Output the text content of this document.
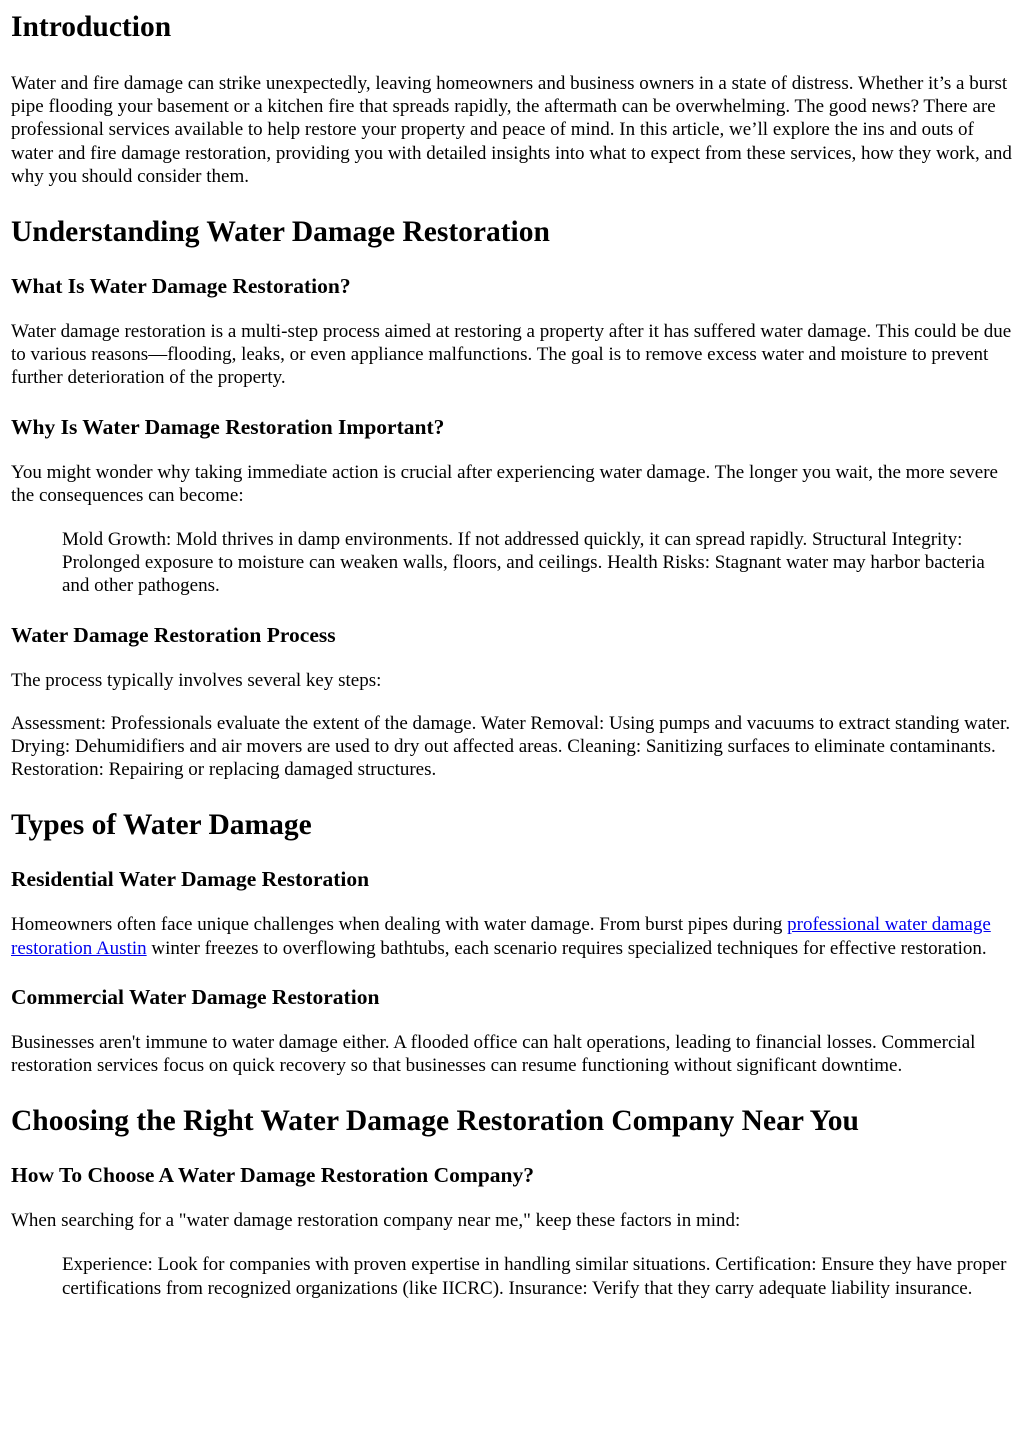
Introduction

Water and fire damage can strike unexpectedly, leaving homeowners and business owners in a state of distress. Whether it’s a burst pipe flooding your basement or a kitchen fire that spreads rapidly, the aftermath can be overwhelming. The good news? There are professional services available to help restore your property and peace of mind. In this article, we’ll explore the ins and outs of water and fire damage restoration, providing you with detailed insights into what to expect from these services, how they work, and why you should consider them.

Understanding Water Damage Restoration
What Is Water Damage Restoration?

Water damage restoration is a multi-step process aimed at restoring a property after it has suffered water damage. This could be due to various reasons—flooding, leaks, or even appliance malfunctions. The goal is to remove excess water and moisture to prevent further deterioration of the property.

Why Is Water Damage Restoration Important?

You might wonder why taking immediate action is crucial after experiencing water damage. The longer you wait, the more severe the consequences can become:

Mold Growth: Mold thrives in damp environments. If not addressed quickly, it can spread rapidly. Structural Integrity: Prolonged exposure to moisture can weaken walls, floors, and ceilings. Health Risks: Stagnant water may harbor bacteria and other pathogens.
Water Damage Restoration Process

The process typically involves several key steps:

Assessment: Professionals evaluate the extent of the damage. Water Removal: Using pumps and vacuums to extract standing water. Drying: Dehumidifiers and air movers are used to dry out affected areas. Cleaning: Sanitizing surfaces to eliminate contaminants. Restoration: Repairing or replacing damaged structures.

Types of Water Damage
Residential Water Damage Restoration

Homeowners often face unique challenges when dealing with water damage. From burst pipes during professional water damage restoration Austin winter freezes to overflowing bathtubs, each scenario requires specialized techniques for effective restoration.

Commercial Water Damage Restoration

Businesses aren't immune to water damage either. A flooded office can halt operations, leading to financial losses. Commercial restoration services focus on quick recovery so that businesses can resume functioning without significant downtime.

Choosing the Right Water Damage Restoration Company Near You
How To Choose A Water Damage Restoration Company?

When searching for a "water damage restoration company near me," keep these factors in mind:

Experience: Look for companies with proven expertise in handling similar situations. Certification: Ensure they have proper certifications from recognized organizations (like IICRC). Insurance: Verify that they carry adequate liability insurance.
